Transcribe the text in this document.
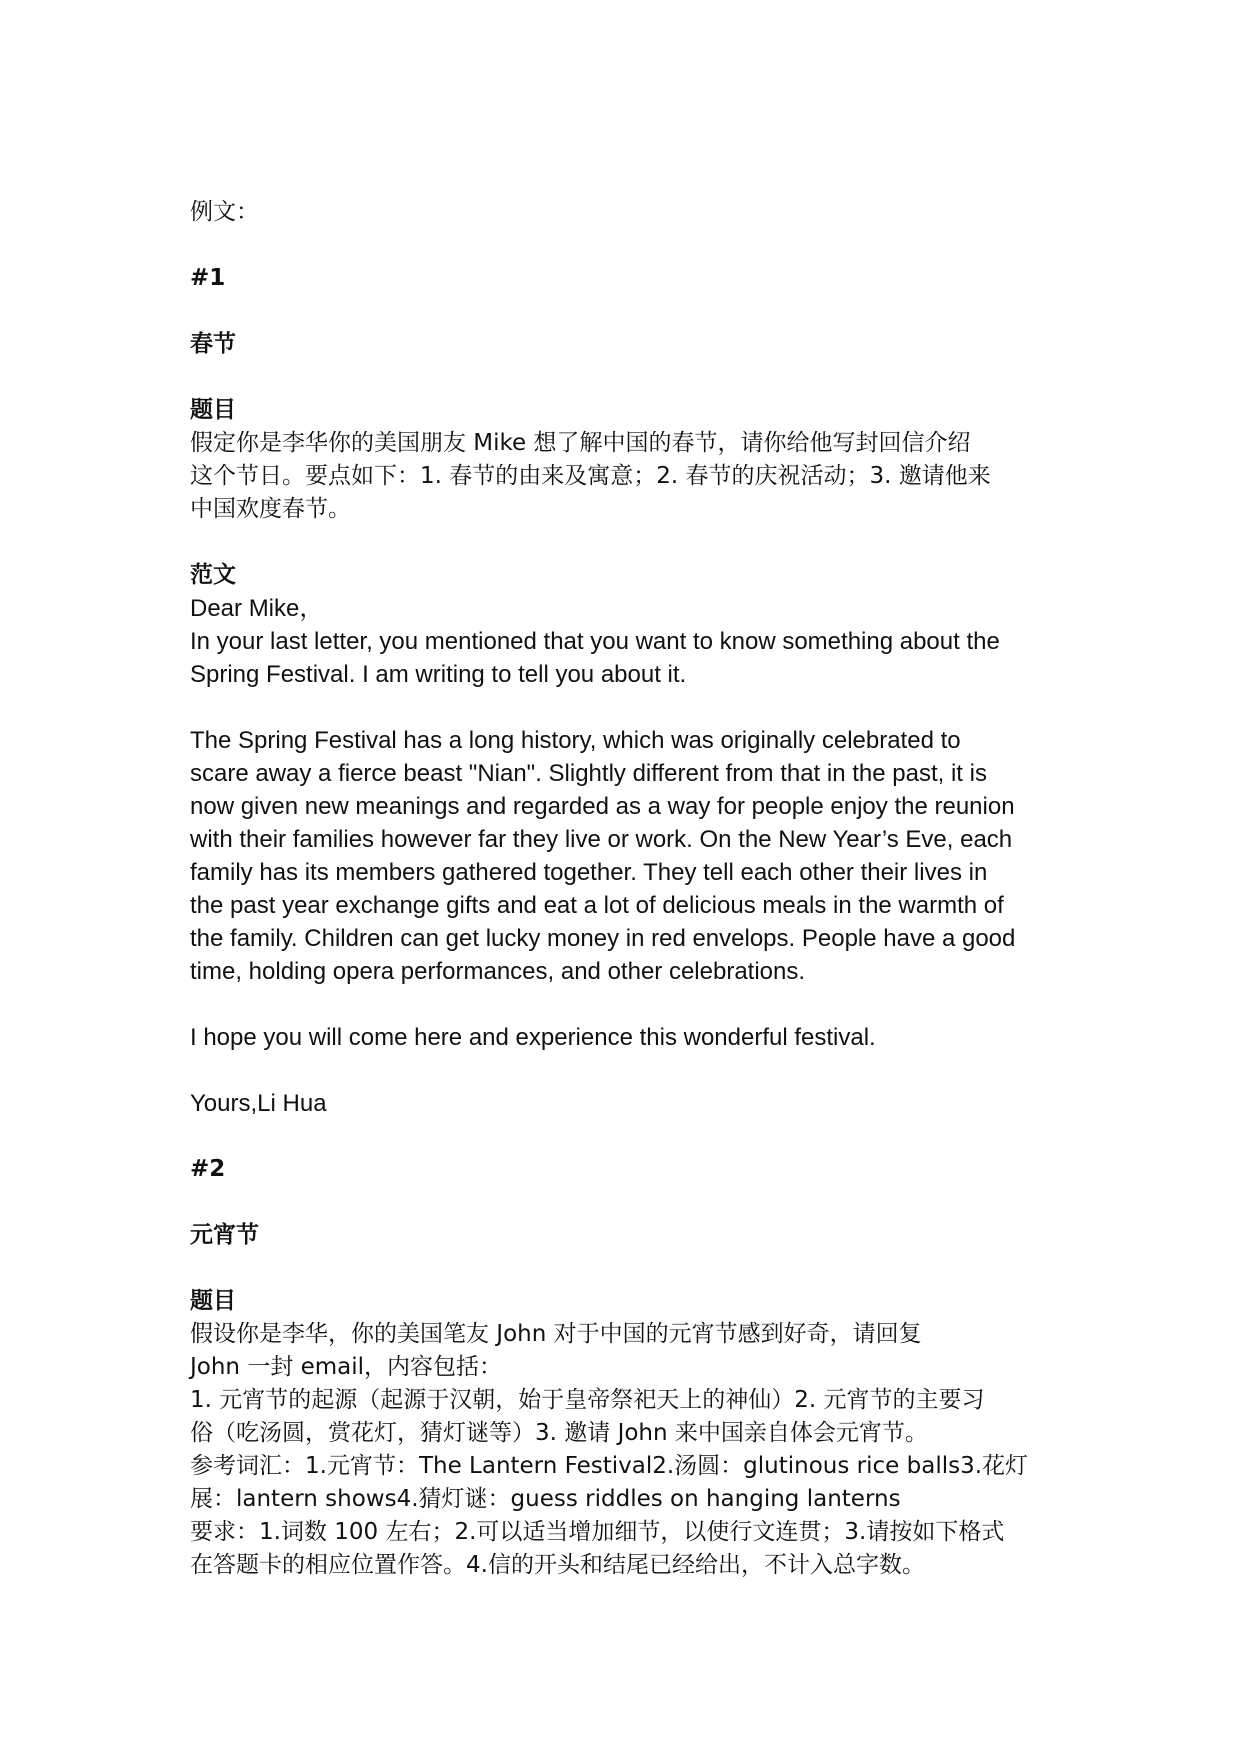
例文：
#1
春节
题目
假定你是李华你的美国朋友 Mike 想了解中国的春节，请你给他写封回信介绍
这个节日。要点如下：1. 春节的由来及寓意；2. 春节的庆祝活动；3. 邀请他来
中国欢度春节。
范文
Dear Mike，
In your last letter, you mentioned that you want to know something about the
Spring Festival. I am writing to tell you about it.
The Spring Festival has a long history, which was originally celebrated to
scare away a fierce beast "Nian". Slightly different from that in the past, it is
now given new meanings and regarded as a way for people enjoy the reunion
with their families however far they live or work. On the New Year’s Eve, each
family has its members gathered together. They tell each other their lives in
the past year exchange gifts and eat a lot of delicious meals in the warmth of
the family. Children can get lucky money in red envelops. People have a good
time, holding opera performances, and other celebrations.
I hope you will come here and experience this wonderful festival.
Yours,Li Hua
#2
元宵节
题目
假设你是李华，你的美国笔友 John 对于中国的元宵节感到好奇，请回复
John 一封 email，内容包括：
1. 元宵节的起源（起源于汉朝，始于皇帝祭祀天上的神仙）2. 元宵节的主要习
俗（吃汤圆，赏花灯，猜灯谜等）3. 邀请 John 来中国亲自体会元宵节。
参考词汇：1.元宵节：The Lantern Festival2.汤圆：glutinous rice balls3.花灯
展：lantern shows4.猜灯谜：guess riddles on hanging lanterns
要求：1.词数 100 左右；2.可以适当增加细节，以使行文连贯；3.请按如下格式
在答题卡的相应位置作答。4.信的开头和结尾已经给出，不计入总字数。
